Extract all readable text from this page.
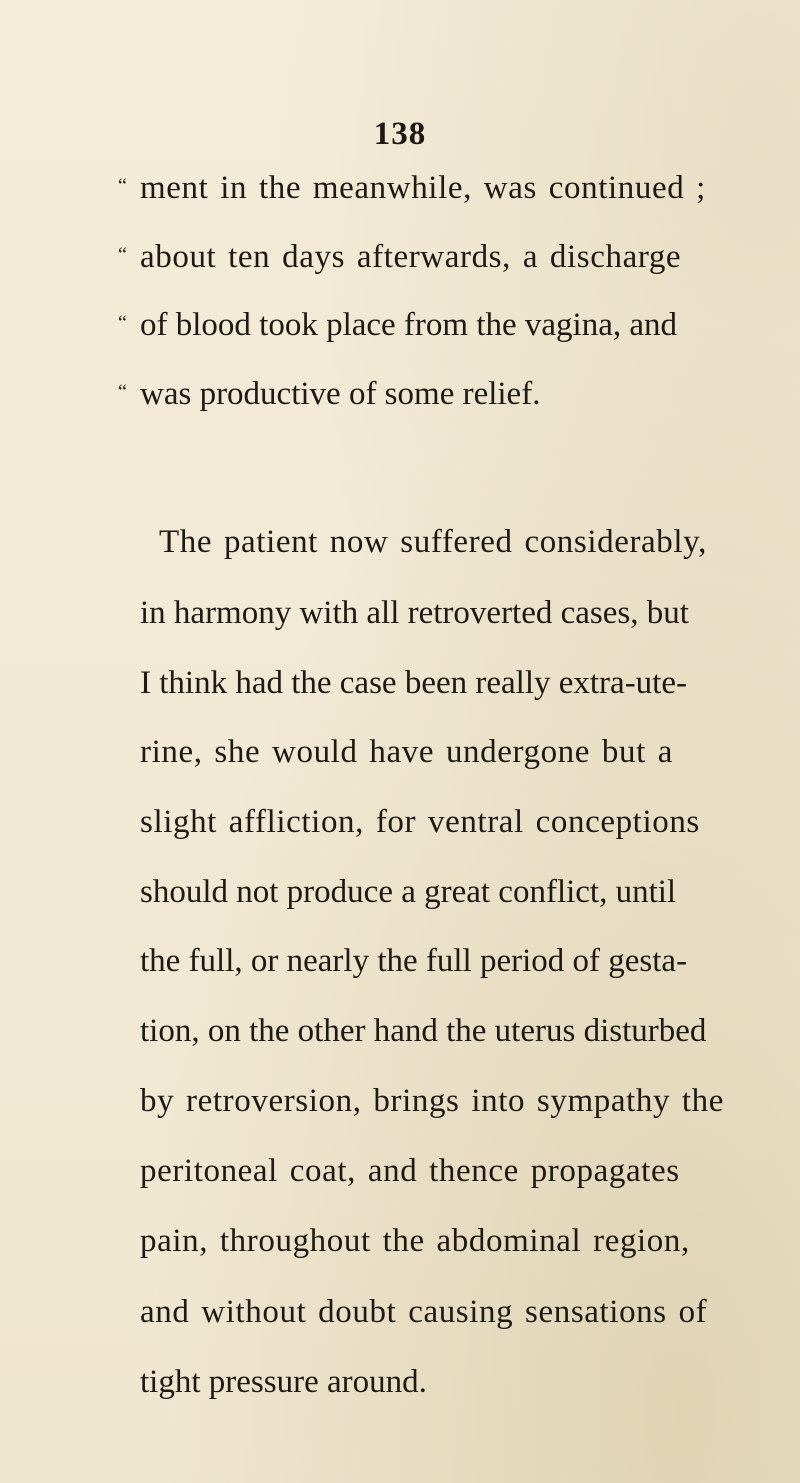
138
“ ment in the meanwhile, was continued ;
“ about ten days afterwards, a discharge
“ of blood took place from the vagina, and
“ was productive of some relief.
The patient now suffered considerably,
in harmony with all retroverted cases, but
I think had the case been really extra-ute-
rine, she would have undergone but a
slight affliction, for ventral conceptions
should not produce a great conflict, until
the full, or nearly the full period of gesta-
tion, on the other hand the uterus disturbed
by retroversion, brings into sympathy the
peritoneal coat, and thence propagates
pain, throughout the abdominal region,
and without doubt causing sensations of
tight pressure around.
